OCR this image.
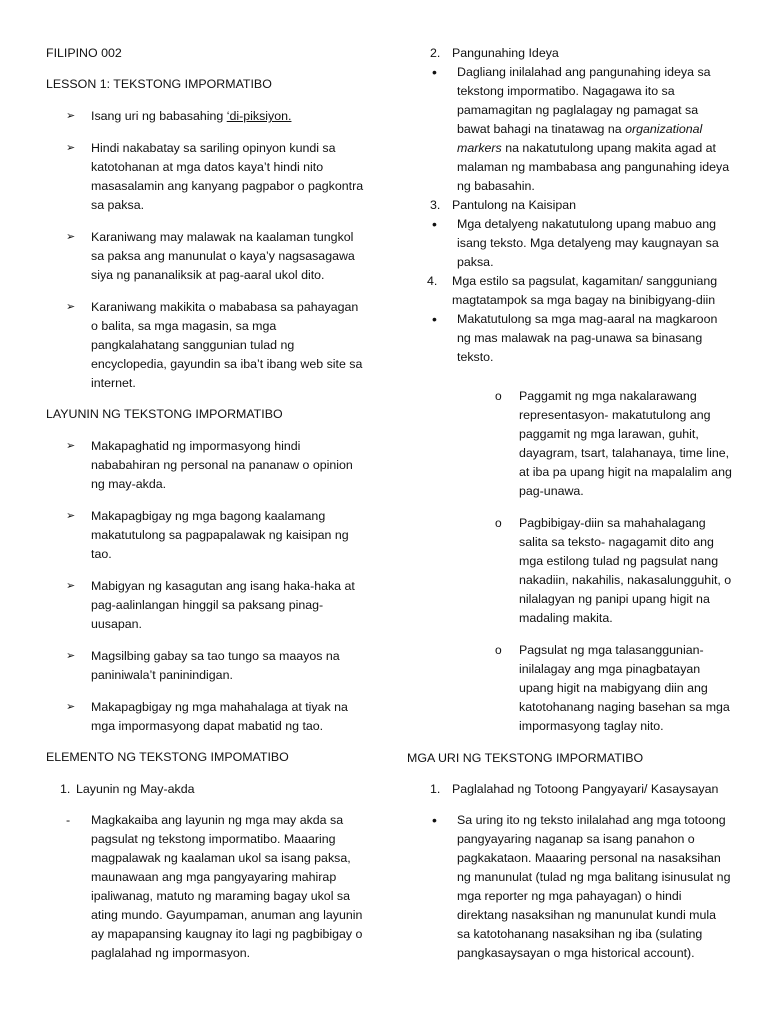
FILIPINO 002
LESSON 1: TEKSTONG IMPORMATIBO
➢ Isang uri ng babasahing ‘di-piksiyon.
➢ Hindi nakabatay sa sariling opinyon kundi sa katotohanan at mga datos kaya’t hindi nito masasalamin ang kanyang pagpabor o pagkontra sa paksa.
➢ Karaniwang may malawak na kaalaman tungkol sa paksa ang manunulat o kaya’y nagsasagawa siya ng pananaliksik at pag-aaral ukol dito.
➢ Karaniwang makikita o mababasa sa pahayagan o balita, sa mga magasin, sa mga pangkalahatang sanggunian tulad ng encyclopedia, gayundin sa iba’t ibang web site sa internet.
LAYUNIN NG TEKSTONG IMPORMATIBO
➢ Makapaghatid ng impormasyong hindi nababahiran ng personal na pananaw o opinion ng may-akda.
➢ Makapagbigay ng mga bagong kaalamang makatutulong sa pagpapalawak ng kaisipan ng tao.
➢ Mabigyan ng kasagutan ang isang haka-haka at pag-aalinlangan hinggil sa paksang pinag-uusapan.
➢ Magsilbing gabay sa tao tungo sa maayos na paniniwala’t paninindigan.
➢ Makapagbigay ng mga mahahalaga at tiyak na mga impormasyong dapat mabatid ng tao.
ELEMENTO NG TEKSTONG IMPOMATIBO
1. Layunin ng May-akda
- Magkakaiba ang layunin ng mga may akda sa pagsulat ng tekstong impormatibo. Maaaring magpalawak ng kaalaman ukol sa isang paksa, maunawaan ang mga pangyayaring mahirap ipaliwanag, matuto ng maraming bagay ukol sa ating mundo. Gayumpaman, anuman ang layunin ay mapapansing kaugnay ito lagi ng pagbibigay o paglalahad ng impormasyon.
2. Pangunahing Ideya
• Dagliang inilalahad ang pangunahing ideya sa tekstong impormatibo. Nagagawa ito sa pamamagitan ng paglalagay ng pamagat sa bawat bahagi na tinatawag na organizational markers na nakatutulong upang makita agad at malaman ng mambabasa ang pangunahing ideya ng babasahin.
3. Pantulong na Kaisipan
• Mga detalyeng nakatutulong upang mabuo ang isang teksto. Mga detalyeng may kaugnayan sa paksa.
4. Mga estilo sa pagsulat, kagamitan/ sangguniang magtatampok sa mga bagay na binibigyang-diin
• Makatutulong sa mga mag-aaral na magkaroon ng mas malawak na pag-unawa sa binasang teksto.
o Paggamit ng mga nakalarawang representasyon- makatutulong ang paggamit ng mga larawan, guhit, dayagram, tsart, talahanaya, time line, at iba pa upang higit na mapalalim ang pag-unawa.
o Pagbibigay-diin sa mahahalagang salita sa teksto- nagagamit dito ang mga estilong tulad ng pagsulat nang nakadiin, nakahilis, nakasalungguhit, o nilalagyan ng panipi upang higit na madaling makita.
o Pagsulat ng mga talasanggunian- inilalagay ang mga pinagbatayan upang higit na mabigyang diin ang katotohanang naging basehan sa mga impormasyong taglay nito.
MGA URI NG TEKSTONG IMPORMATIBO
1. Paglalahad ng Totoong Pangyayari/ Kasaysayan
• Sa uring ito ng teksto inilalahad ang mga totoong pangyayaring naganap sa isang panahon o pagkakataon. Maaaring personal na nasaksihan ng manunulat (tulad ng mga balitang isinusulat ng mga reporter ng mga pahayagan) o hindi direktang nasaksihan ng manunulat kundi mula sa katotohanang nasaksihan ng iba (sulating pangkasaysayan o mga historical account).
